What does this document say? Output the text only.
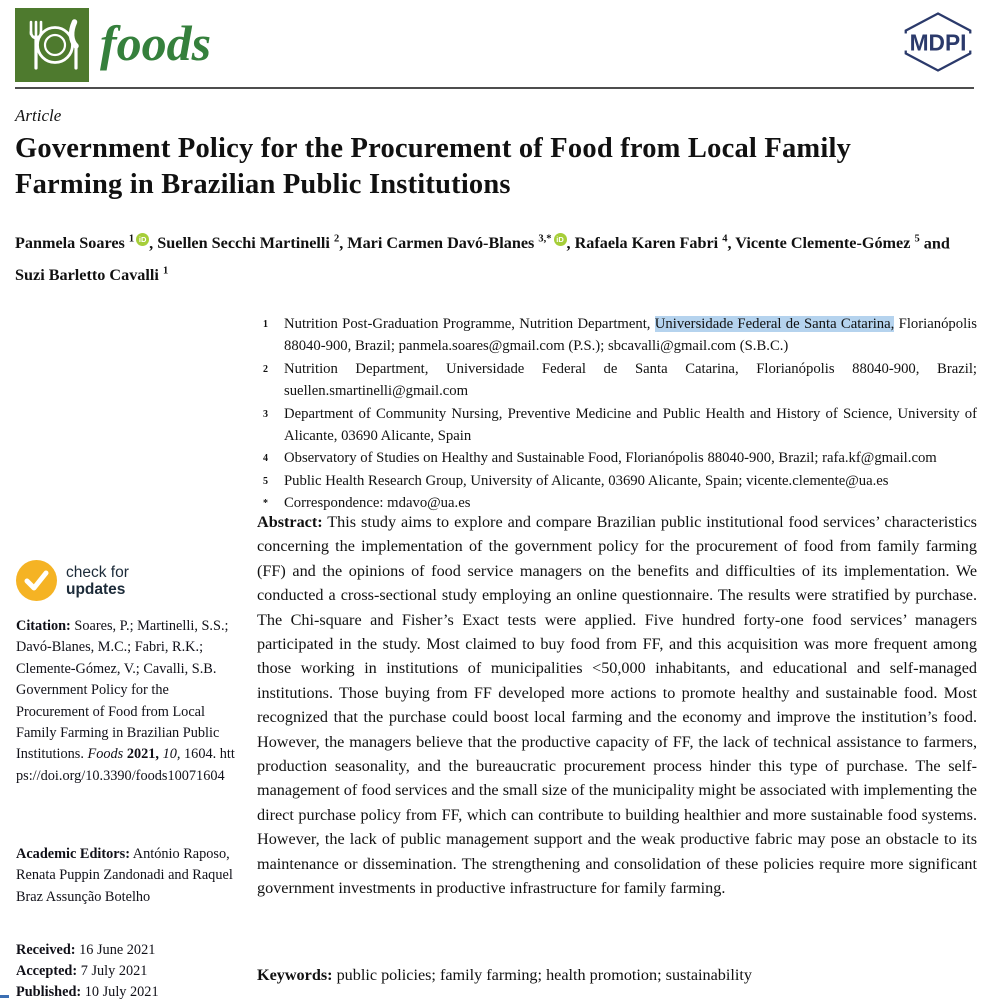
foods	MDPI
Article
Government Policy for the Procurement of Food from Local Family Farming in Brazilian Public Institutions
Panmela Soares $^1$ iD , Suellen Secchi Martinelli $^2$, Mari Carmen Davó-Blanes $^{3,*}$ iD , Rafaela Karen Fabri $^4$, Vicente Clemente-Gómez $^5$ and Suzi Barletto Cavalli $^1$
1 Nutrition Post-Graduation Programme, Nutrition Department, Universidade Federal de Santa Catarina, Florianópolis 88040-900, Brazil; panmela.soares@gmail.com (P.S.); sbcavalli@gmail.com (S.B.C.)
2 Nutrition Department, Universidade Federal de Santa Catarina, Florianópolis 88040-900, Brazil; suellen.smartinelli@gmail.com
3 Department of Community Nursing, Preventive Medicine and Public Health and History of Science, University of Alicante, 03690 Alicante, Spain
4 Observatory of Studies on Healthy and Sustainable Food, Florianópolis 88040-900, Brazil; rafa.kf@gmail.com
5 Public Health Research Group, University of Alicante, 03690 Alicante, Spain; vicente.clemente@ua.es
* Correspondence: mdavo@ua.es
check for
updates
Citation: Soares, P.; Martinelli, S.S.; Davó-Blanes, M.C.; Fabri, R.K.; Clemente-Gómez, V.; Cavalli, S.B. Government Policy for the Procurement of Food from Local Family Farming in Brazilian Public Institutions. Foods 2021, 10, 1604. https://doi.org/10.3390/foods10071604
Academic Editors: António Raposo, Renata Puppin Zandonadi and Raquel Braz Assunção Botelho
Received: 16 June 2021
Accepted: 7 July 2021
Published: 10 July 2021
Abstract: This study aims to explore and compare Brazilian public institutional food services’ characteristics concerning the implementation of the government policy for the procurement of food from family farming (FF) and the opinions of food service managers on the benefits and difficulties of its implementation. We conducted a cross-sectional study employing an online questionnaire. The results were stratified by purchase. The Chi-square and Fisher’s Exact tests were applied. Five hundred forty-one food services’ managers participated in the study. Most claimed to buy food from FF, and this acquisition was more frequent among those working in institutions of municipalities <50,000 inhabitants, and educational and self-managed institutions. Those buying from FF developed more actions to promote healthy and sustainable food. Most recognized that the purchase could boost local farming and the economy and improve the institution’s food. However, the managers believe that the productive capacity of FF, the lack of technical assistance to farmers, production seasonality, and the bureaucratic procurement process hinder this type of purchase. The self-management of food services and the small size of the municipality might be associated with implementing the direct purchase policy from FF, which can contribute to building healthier and more sustainable food systems. However, the lack of public management support and the weak productive fabric may pose an obstacle to its maintenance or dissemination. The strengthening and consolidation of these policies require more significant government investments in productive infrastructure for family farming.
Keywords: public policies; family farming; health promotion; sustainability
